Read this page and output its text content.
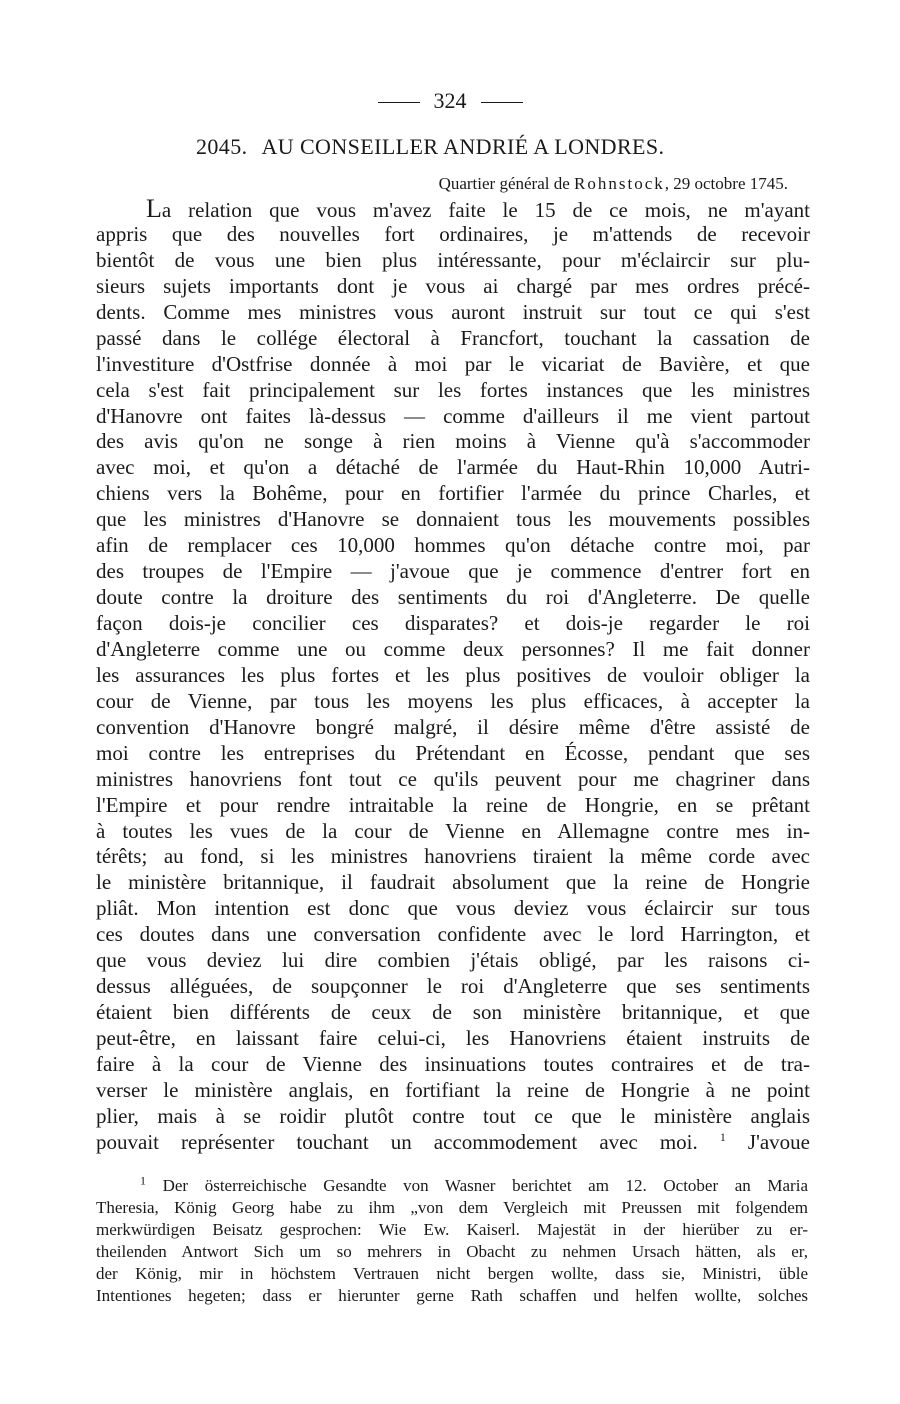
324
2045. AU CONSEILLER ANDRIÉ A LONDRES.
Quartier général de Rohnstock, 29 octobre 1745.
La relation que vous m'avez faite le 15 de ce mois, ne m'ayant
appris que des nouvelles fort ordinaires, je m'attends de recevoir
bientôt de vous une bien plus intéressante, pour m'éclaircir sur plu-
sieurs sujets importants dont je vous ai chargé par mes ordres précé-
dents. Comme mes ministres vous auront instruit sur tout ce qui s'est
passé dans le collége électoral à Francfort, touchant la cassation de
l'investiture d'Ostfrise donnée à moi par le vicariat de Bavière, et que
cela s'est fait principalement sur les fortes instances que les ministres
d'Hanovre ont faites là-dessus — comme d'ailleurs il me vient partout
des avis qu'on ne songe à rien moins à Vienne qu'à s'accommoder
avec moi, et qu'on a détaché de l'armée du Haut-Rhin 10,000 Autri-
chiens vers la Bohême, pour en fortifier l'armée du prince Charles, et
que les ministres d'Hanovre se donnaient tous les mouvements possibles
afin de remplacer ces 10,000 hommes qu'on détache contre moi, par
des troupes de l'Empire — j'avoue que je commence d'entrer fort en
doute contre la droiture des sentiments du roi d'Angleterre. De quelle
façon dois-je concilier ces disparates? et dois-je regarder le roi
d'Angleterre comme une ou comme deux personnes? Il me fait donner
les assurances les plus fortes et les plus positives de vouloir obliger la
cour de Vienne, par tous les moyens les plus efficaces, à accepter la
convention d'Hanovre bongré malgré, il désire même d'être assisté de
moi contre les entreprises du Prétendant en Écosse, pendant que ses
ministres hanovriens font tout ce qu'ils peuvent pour me chagriner dans
l'Empire et pour rendre intraitable la reine de Hongrie, en se prêtant
à toutes les vues de la cour de Vienne en Allemagne contre mes in-
térêts; au fond, si les ministres hanovriens tiraient la même corde avec
le ministère britannique, il faudrait absolument que la reine de Hongrie
pliât. Mon intention est donc que vous deviez vous éclaircir sur tous
ces doutes dans une conversation confidente avec le lord Harrington, et
que vous deviez lui dire combien j'étais obligé, par les raisons ci-
dessus alléguées, de soupçonner le roi d'Angleterre que ses sentiments
étaient bien différents de ceux de son ministère britannique, et que
peut-être, en laissant faire celui-ci, les Hanovriens étaient instruits de
faire à la cour de Vienne des insinuations toutes contraires et de tra-
verser le ministère anglais, en fortifiant la reine de Hongrie à ne point
plier, mais à se roidir plutôt contre tout ce que le ministère anglais
pouvait représenter touchant un accommodement avec moi. $^1$ J'avoue
$^1$ Der österreichische Gesandte von Wasner berichtet am 12. October an Maria
Theresia, König Georg habe zu ihm „von dem Vergleich mit Preussen mit folgendem
merkwürdigen Beisatz gesprochen: Wie Ew. Kaiserl. Majestät in der hierüber zu er-
theilenden Antwort Sich um so mehrers in Obacht zu nehmen Ursach hätten, als er,
der König, mir in höchstem Vertrauen nicht bergen wollte, dass sie, Ministri, üble
Intentiones hegeten; dass er hierunter gerne Rath schaffen und helfen wollte, solches
